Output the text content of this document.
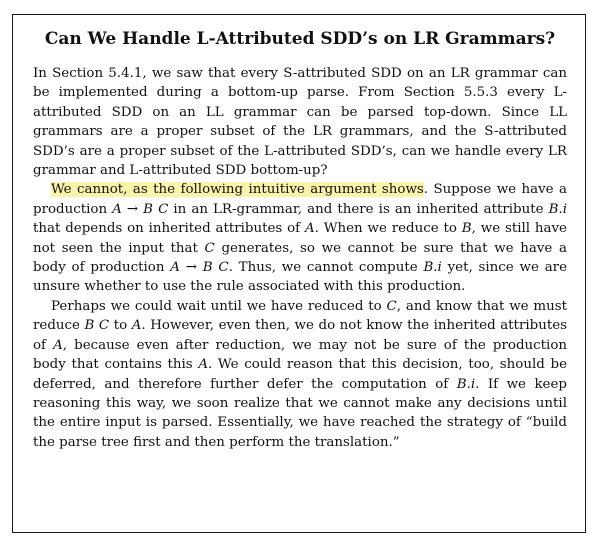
Can We Handle L-Attributed SDD’s on LR Grammars?

In Section 5.4.1, we saw that every S-attributed SDD on an LR grammar can be implemented during a bottom-up parse. From Section 5.5.3 every L-attributed SDD on an LL grammar can be parsed top-down. Since LL grammars are a proper subset of the LR grammars, and the S-attributed SDD’s are a proper subset of the L-attributed SDD’s, can we handle every LR grammar and L-attributed SDD bottom-up?

We cannot, as the following intuitive argument shows. Suppose we have a production A → B C in an LR-grammar, and there is an inherited attribute B.i that depends on inherited attributes of A. When we reduce to B, we still have not seen the input that C generates, so we cannot be sure that we have a body of production A → B C. Thus, we cannot compute B.i yet, since we are unsure whether to use the rule associated with this production.

Perhaps we could wait until we have reduced to C, and know that we must reduce B C to A. However, even then, we do not know the inherited attributes of A, because even after reduction, we may not be sure of the production body that contains this A. We could reason that this decision, too, should be deferred, and therefore further defer the computation of B.i. If we keep reasoning this way, we soon realize that we cannot make any decisions until the entire input is parsed. Essentially, we have reached the strategy of “build the parse tree first and then perform the translation.”
